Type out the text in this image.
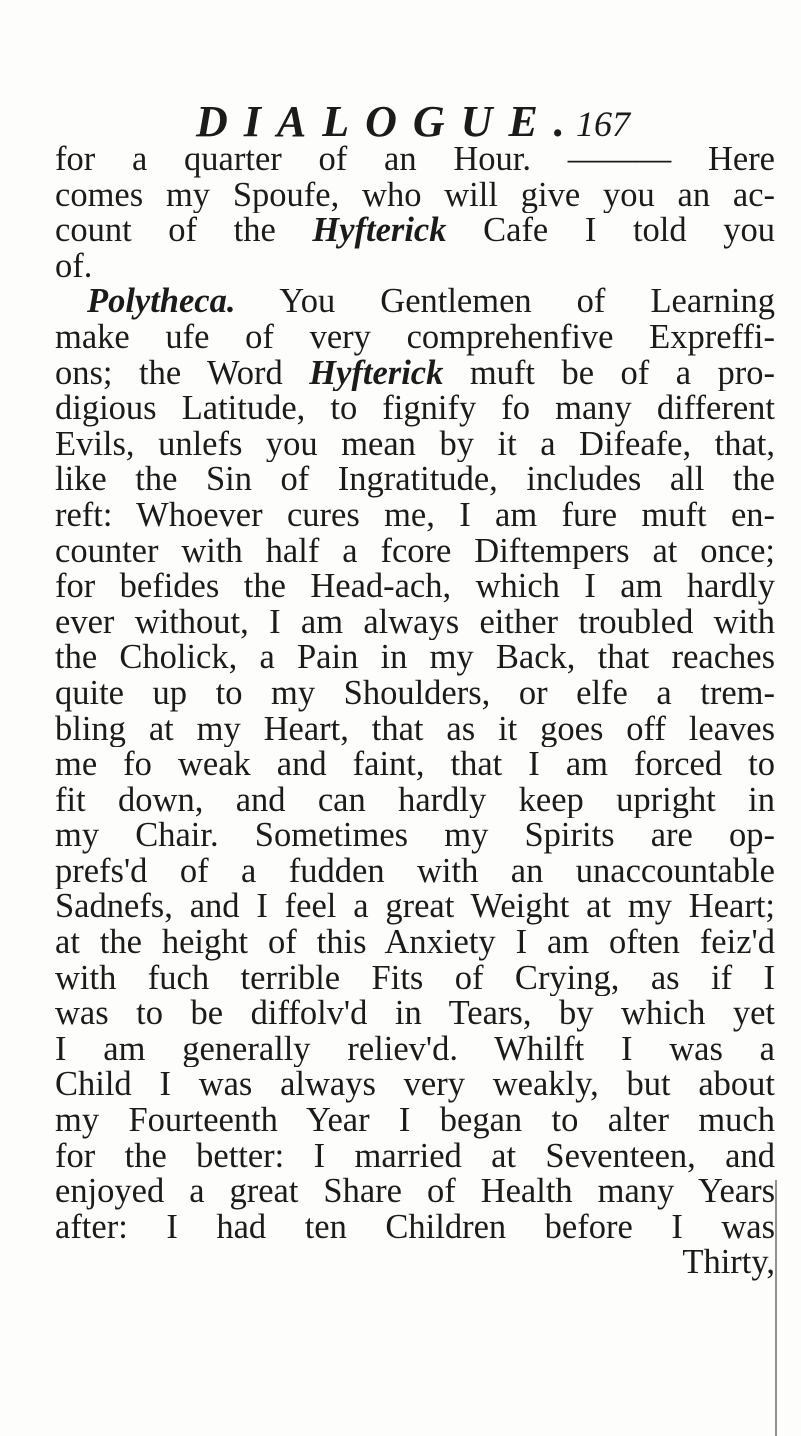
DIALOGUE.
167
for a quarter of an Hour. ——— Here
comes my Spoufe, who will give you an ac-
count of the Hyfterick Cafe I told you
of.
Polytheca. You Gentlemen of Learning
make ufe of very comprehenfive Expreffi-
ons; the Word Hyfterick muft be of a pro-
digious Latitude, to fignify fo many different
Evils, unlefs you mean by it a Difeafe, that,
like the Sin of Ingratitude, includes all the
reft: Whoever cures me, I am fure muft en-
counter with half a fcore Diftempers at once;
for befides the Head-ach, which I am hardly
ever without, I am always either troubled with
the Cholick, a Pain in my Back, that reaches
quite up to my Shoulders, or elfe a trem-
bling at my Heart, that as it goes off leaves
me fo weak and faint, that I am forced to
fit down, and can hardly keep upright in
my Chair. Sometimes my Spirits are op-
prefs'd of a fudden with an unaccountable
Sadnefs, and I feel a great Weight at my Heart;
at the height of this Anxiety I am often feiz'd
with fuch terrible Fits of Crying, as if I
was to be diffolv'd in Tears, by which yet
I am generally reliev'd. Whilft I was a
Child I was always very weakly, but about
my Fourteenth Year I began to alter much
for the better: I married at Seventeen, and
enjoyed a great Share of Health many Years
after: I had ten Children before I was
Thirty,
